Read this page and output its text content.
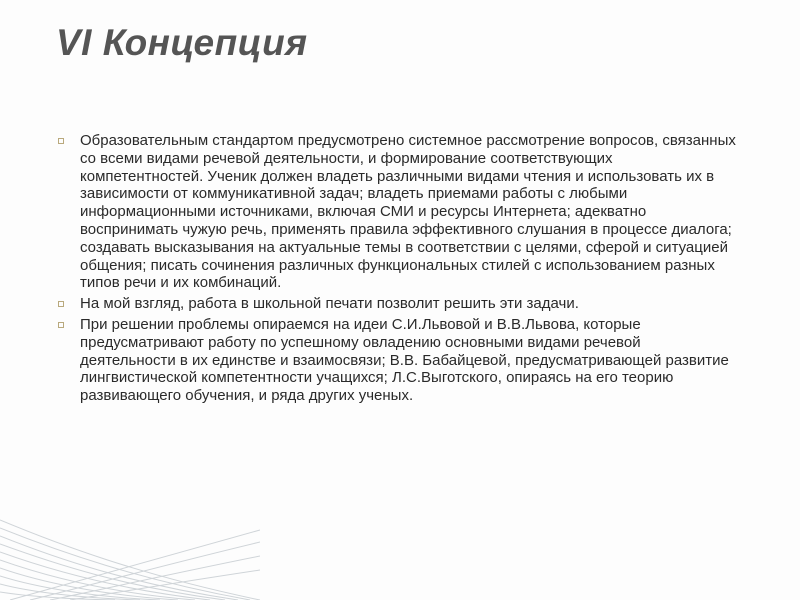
VI Концепция
Образовательным стандартом предусмотрено системное рассмотрение вопросов, связанных со всеми видами речевой деятельности, и формирование соответствующих компетентностей. Ученик должен владеть различными видами чтения и использовать их в зависимости от коммуникативной задач; владеть приемами работы с любыми информационными источниками, включая СМИ и ресурсы Интернета; адекватно воспринимать чужую речь, применять правила эффективного слушания в процессе диалога; создавать высказывания на актуальные темы в соответствии с целями, сферой и ситуацией общения; писать сочинения различных функциональных стилей с использованием разных типов речи и их комбинаций.
На мой взгляд, работа в школьной печати позволит решить эти задачи.
При решении проблемы опираемся на идеи С.И.Львовой и В.В.Львова, которые предусматривают работу по успешному овладению основными видами речевой деятельности в их единстве и взаимосвязи; В.В. Бабайцевой, предусматривающей развитие лингвистической компетентности учащихся; Л.С.Выготского, опираясь на его теорию развивающего обучения, и ряда других ученых.
